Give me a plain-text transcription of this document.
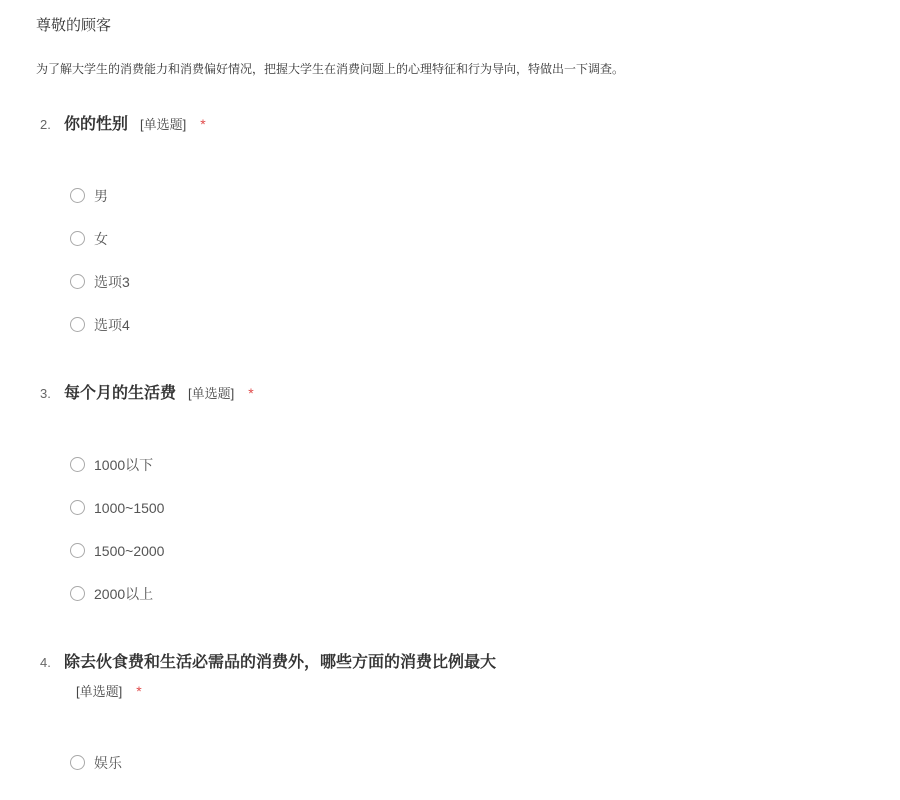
尊敬的顾客
为了解大学生的消费能力和消费偏好情况，把握大学生在消费问题上的心理特征和行为导向，特做出一下调查。
2. 你的性别 [单选题] *
男
女
选项3
选项4
3. 每个月的生活费 [单选题] *
1000以下
1000~1500
1500~2000
2000以上
4. 除去伙食费和生活必需品的消费外，哪些方面的消费比例最大[单选题] *
娱乐
